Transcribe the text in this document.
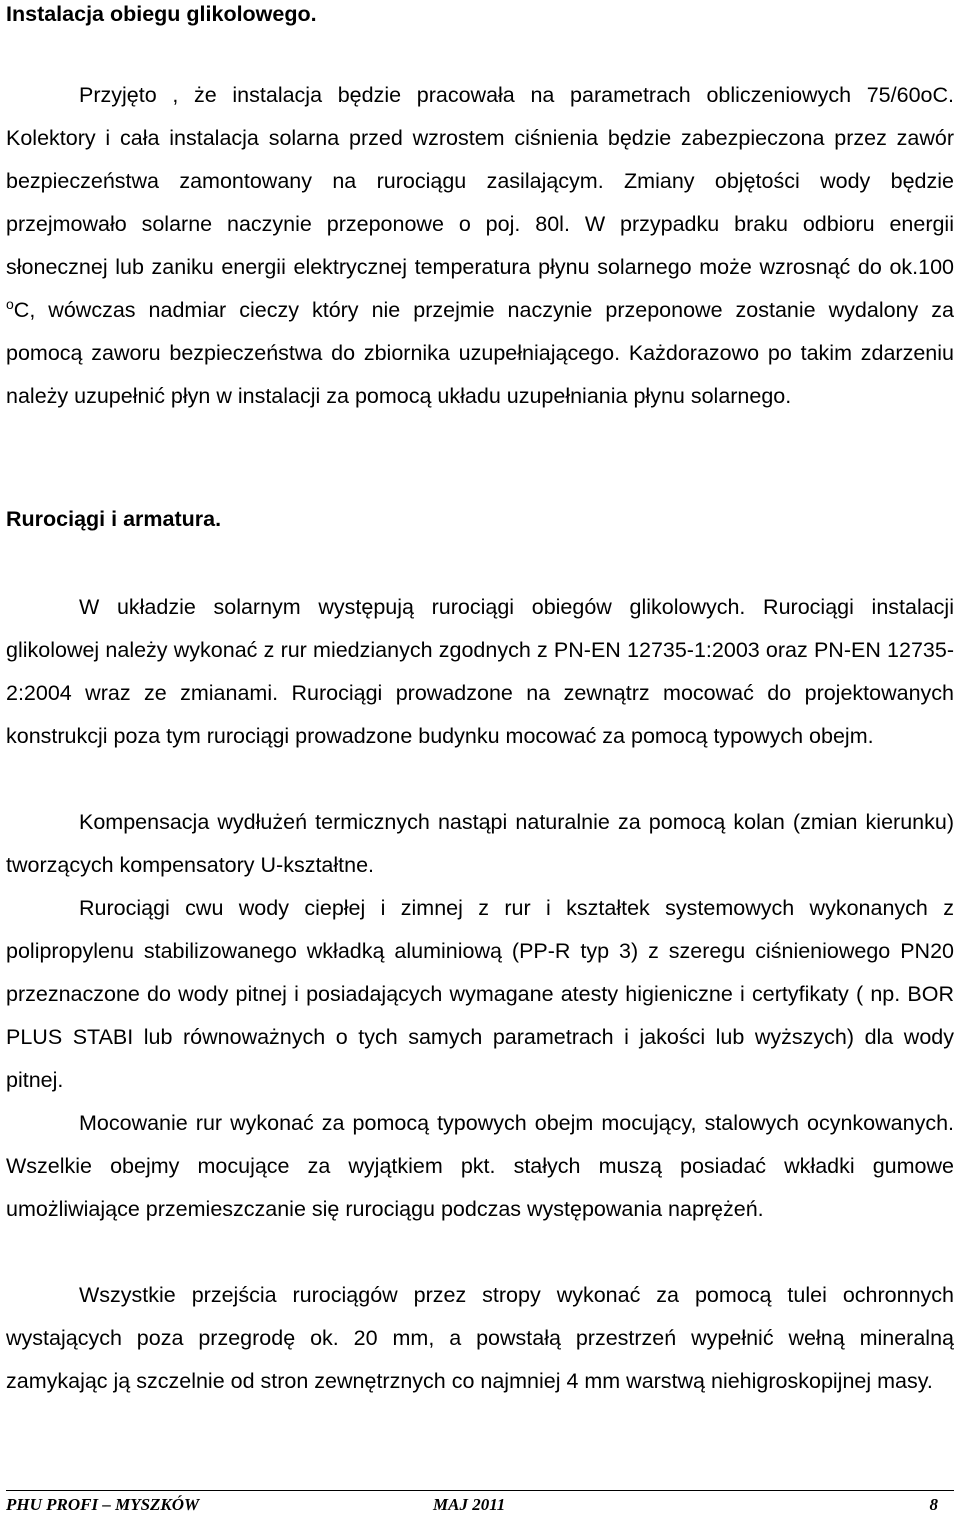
Instalacja obiegu glikolowego.

Przyjęto , że instalacja będzie pracowała na parametrach obliczeniowych 75/60oC. Kolektory i cała instalacja solarna przed wzrostem ciśnienia będzie zabezpieczona przez zawór bezpieczeństwa zamontowany na rurociągu zasilającym. Zmiany objętości wody będzie przejmowało solarne naczynie przeponowe o poj. 80l. W przypadku braku odbioru energii słonecznej lub zaniku energii elektrycznej temperatura płynu solarnego może wzrosnąć do ok.100 $^o$C, wówczas nadmiar cieczy który nie przejmie naczynie przeponowe zostanie wydalony za pomocą zaworu bezpieczeństwa do zbiornika uzupełniającego. Każdorazowo po takim zdarzeniu należy uzupełnić płyn w instalacji za pomocą układu uzupełniania płynu solarnego.

Rurociągi i armatura.

W układzie solarnym występują rurociągi obiegów glikolowych. Rurociągi instalacji glikolowej należy wykonać z rur miedzianych zgodnych z PN-EN 12735-1:2003 oraz PN-EN 12735-2:2004 wraz ze zmianami. Rurociągi prowadzone na zewnątrz mocować do projektowanych konstrukcji poza tym rurociągi prowadzone budynku mocować za pomocą typowych obejm.

Kompensacja wydłużeń termicznych nastąpi naturalnie za pomocą kolan (zmian kierunku) tworzących kompensatory U-kształtne.

Rurociągi cwu wody ciepłej i zimnej z rur i kształtek systemowych wykonanych z polipropylenu stabilizowanego wkładką aluminiową (PP-R typ 3) z szeregu ciśnieniowego PN20 przeznaczone do wody pitnej i posiadających wymagane atesty higieniczne i certyfikaty ( np. BOR PLUS STABI lub równoważnych o tych samych parametrach i jakości lub wyższych) dla wody pitnej.

Mocowanie rur wykonać za pomocą typowych obejm mocujący, stalowych ocynkowanych. Wszelkie obejmy mocujące za wyjątkiem pkt. stałych muszą posiadać wkładki gumowe umożliwiające przemieszczanie się rurociągu podczas występowania naprężeń.

Wszystkie przejścia rurociągów przez stropy wykonać za pomocą tulei ochronnych wystających poza przegrodę ok. 20 mm, a powstałą przestrzeń wypełnić wełną mineralną zamykając ją szczelnie od stron zewnętrznych co najmniej 4 mm warstwą niehigroskopijnej masy.

PHU PROFI – MYSZKÓW	MAJ 2011	8
